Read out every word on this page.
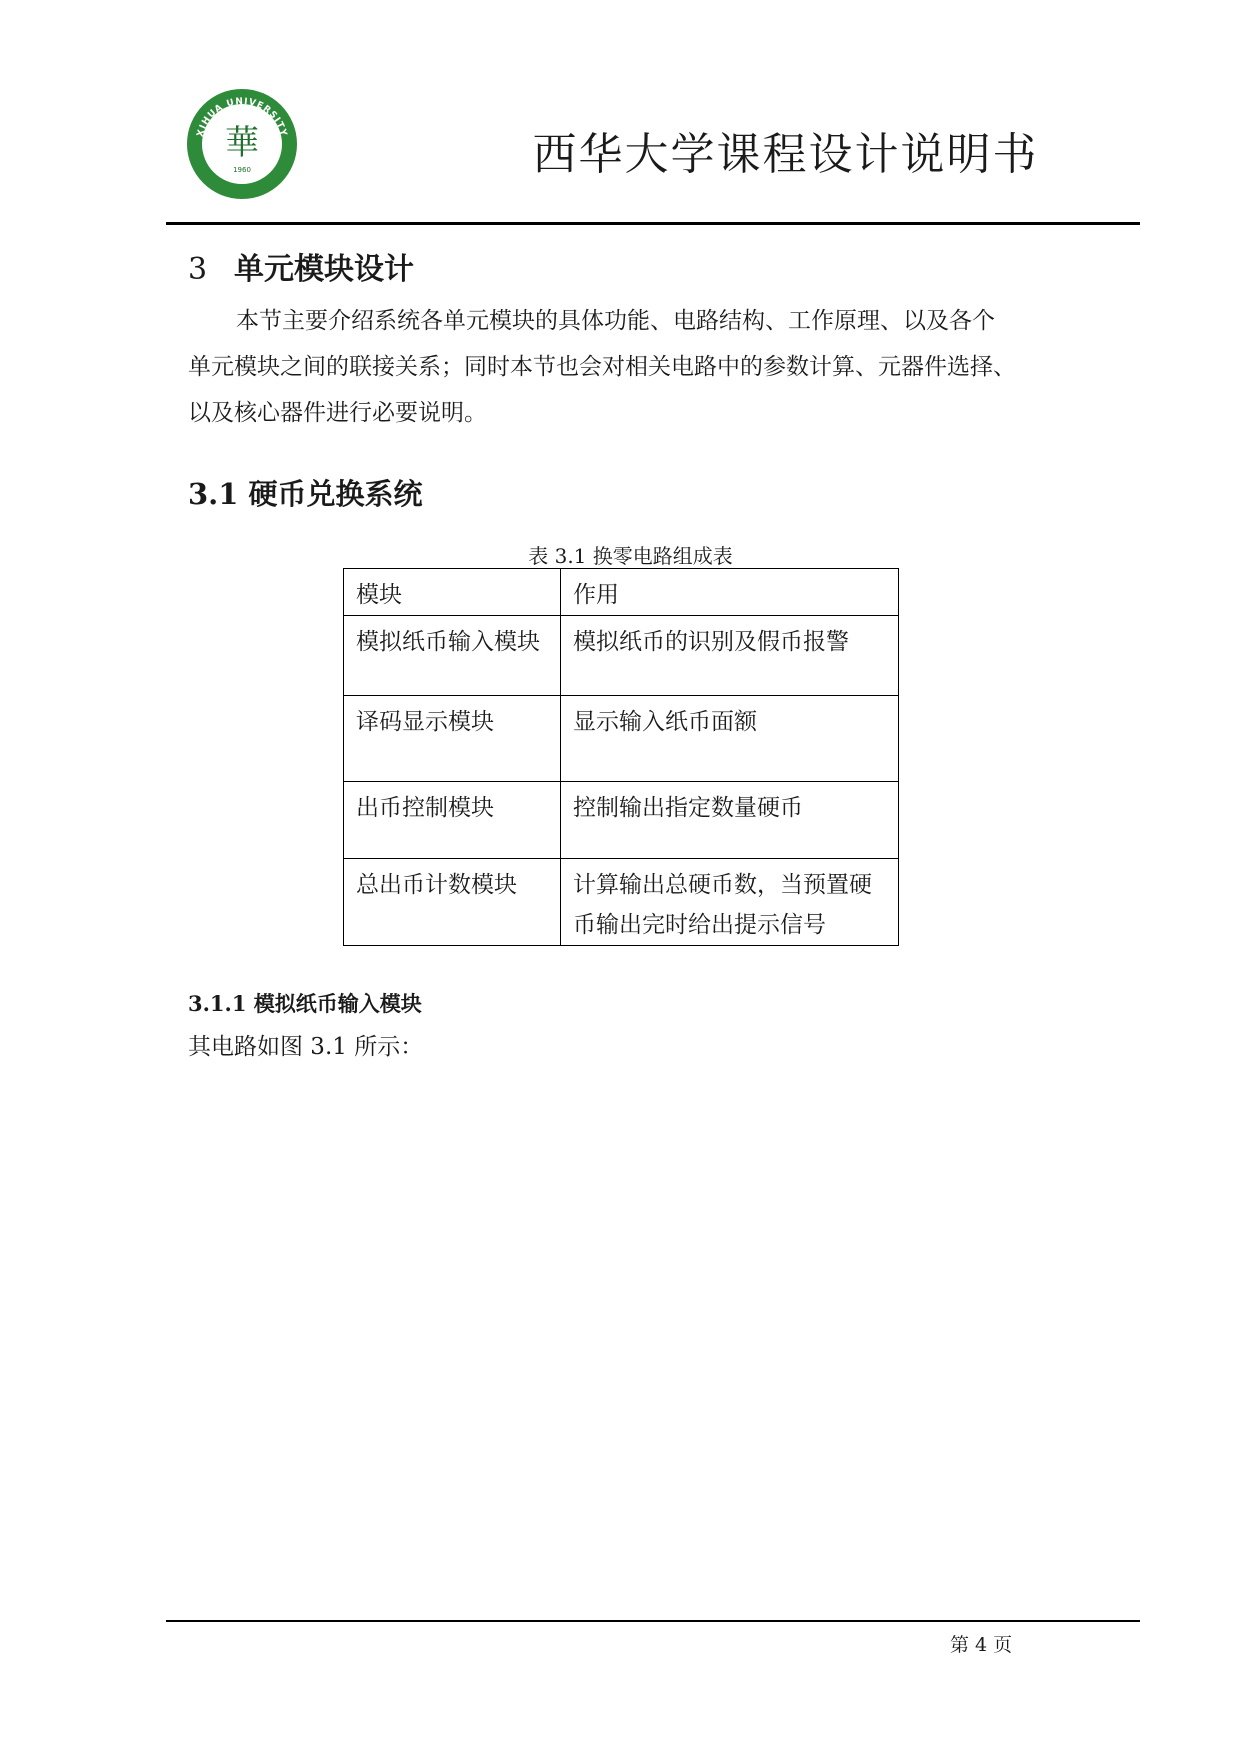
XIHUA UNIVERSITY
華
1960
求是明德	西华大学课程设计说明书
3 单元模块设计
本节主要介绍系统各单元模块的具体功能、电路结构、工作原理、以及各个
单元模块之间的联接关系；同时本节也会对相关电路中的参数计算、元器件选择、
以及核心器件进行必要说明。
3.1 硬币兑换系统
表 3.1 换零电路组成表
模块	作用
模拟纸币输入模块	模拟纸币的识别及假币报警
译码显示模块	显示输入纸币面额
出币控制模块	控制输出指定数量硬币
总出币计数模块	计算输出总硬币数，当预置硬币输出完时给出提示信号
3.1.1 模拟纸币输入模块
其电路如图 3.1 所示：
第 4 页
